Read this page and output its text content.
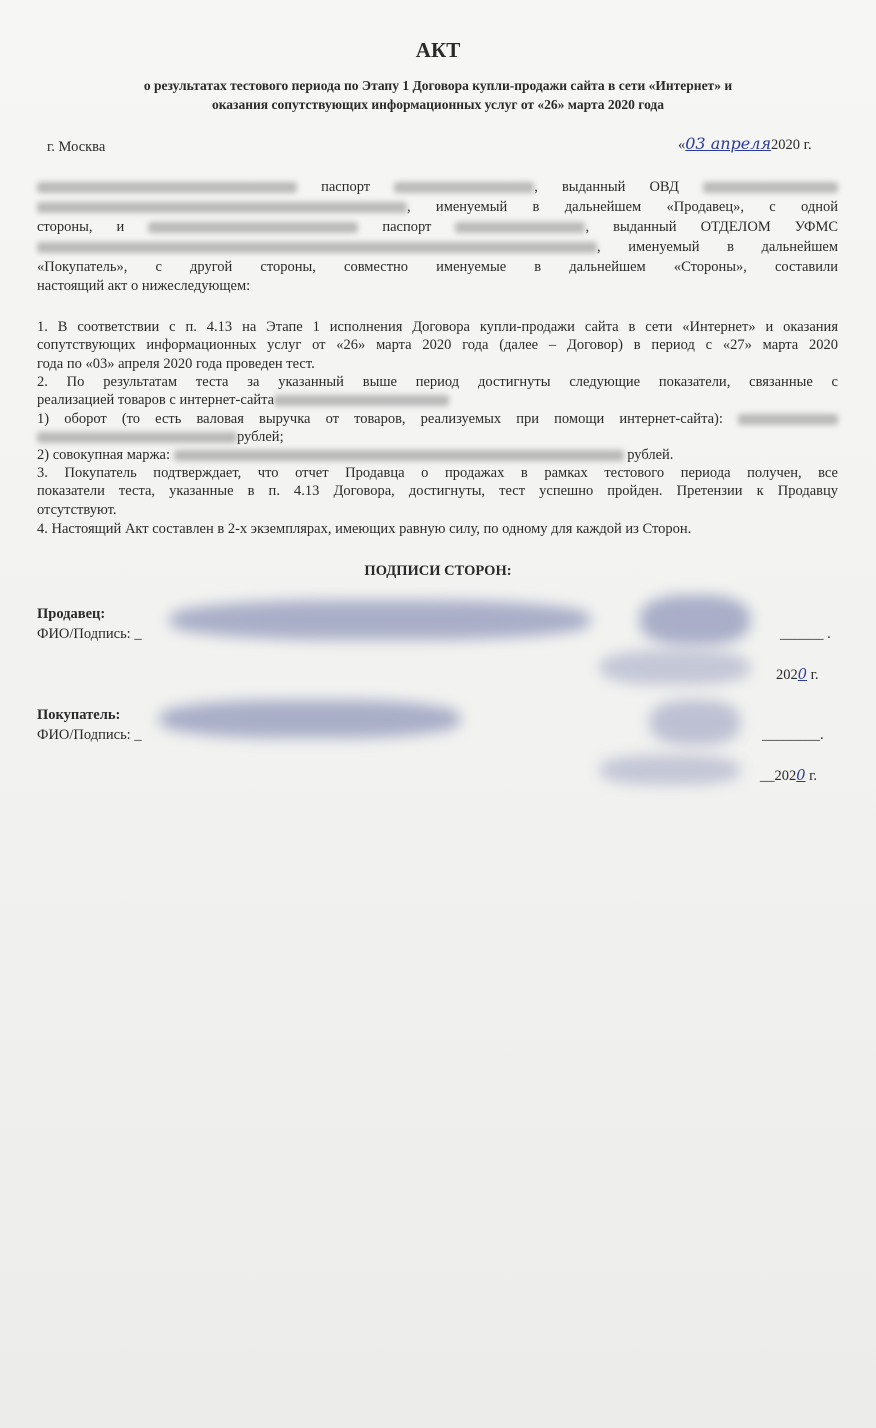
АКТ
о результатах тестового периода по Этапу 1 Договора купли-продажи сайта в сети «Интернет» и
оказания сопутствующих информационных услуг от «26» марта 2020 года
г. Москва	«03 апреля2020 г.
паспорт	, выданный ОВД
, именуемый в дальнейшем «Продавец», с одной
стороны, и	паспорт	, выданный ОТДЕЛОМ УФМС
, именуемый в дальнейшем
«Покупатель», с другой стороны, совместно именуемые в дальнейшем «Стороны», составили
настоящий акт о нижеследующем:
1. В соответствии с п. 4.13 на Этапе 1 исполнения Договора купли-продажи сайта в сети «Интернет» и оказания
сопутствующих информационных услуг от «26» марта 2020 года (далее – Договор) в период с «27» марта 2020
года по «03» апреля 2020 года проведен тест.
2. По результатам теста за указанный выше период достигнуты следующие показатели, связанные с
реализацией товаров с интернет-сайта
1) оборот (то есть валовая выручка от товаров, реализуемых при помощи интернет-сайта):
рублей;
2) совокупная маржа:	рублей.
3. Покупатель подтверждает, что отчет Продавца о продажах в рамках тестового периода получен, все
показатели теста, указанные в п. 4.13 Договора, достигнуты, тест успешно пройден. Претензии к Продавцу
отсутствуют.
4. Настоящий Акт составлен в 2-х экземплярах, имеющих равную силу, по одному для каждой из Сторон.
ПОДПИСИ СТОРОН:
Продавец:
ФИО/Подпись: _	______ .
2020 г.
Покупатель:
ФИО/Подпись: _	________.
__2020 г.
